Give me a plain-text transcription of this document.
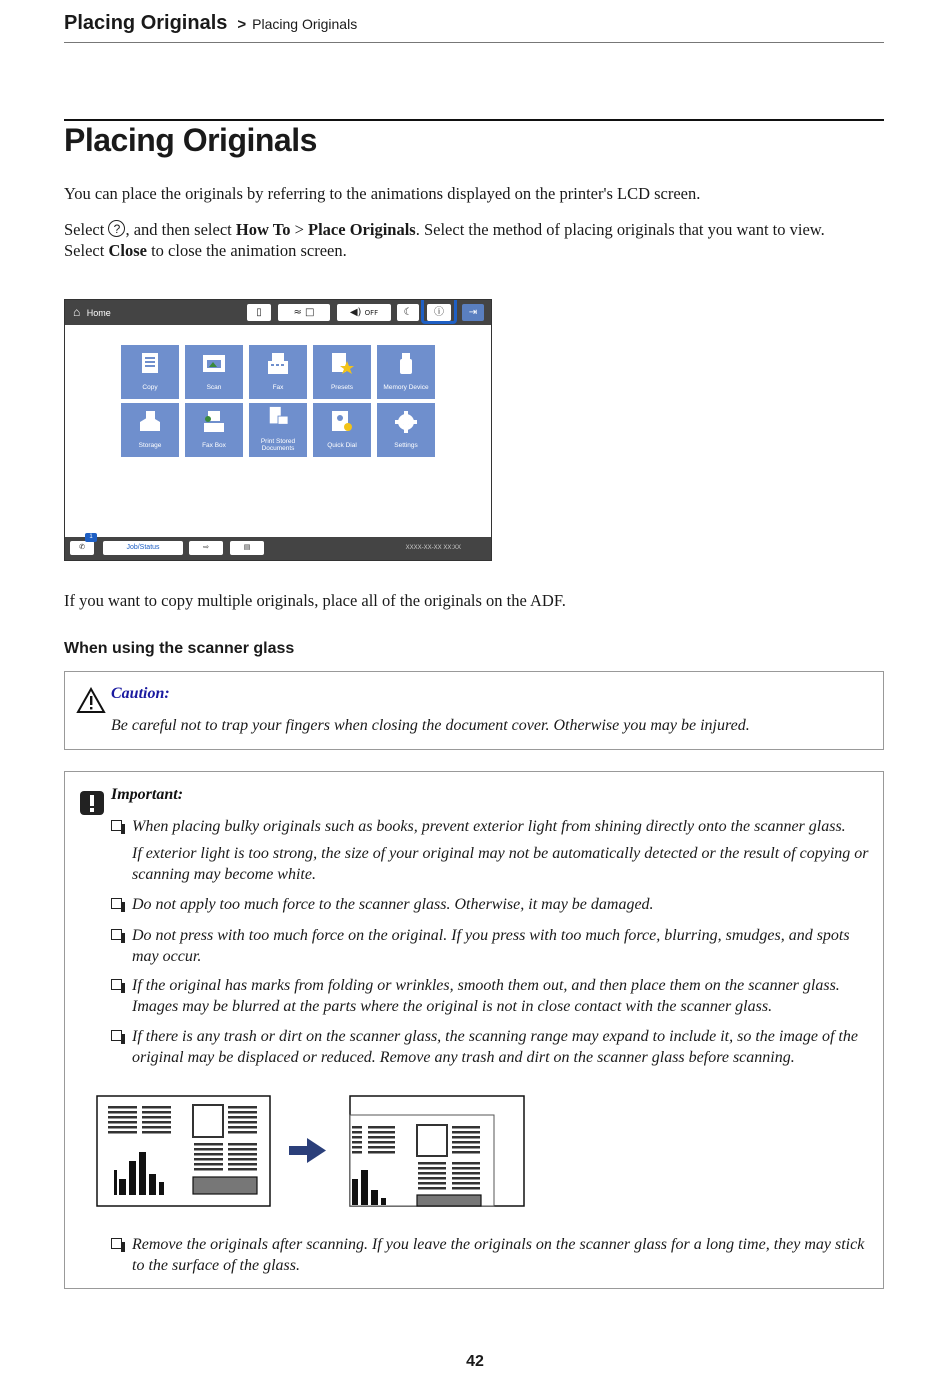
Placing Originals > Placing Originals
Placing Originals

You can place the originals by referring to the animations displayed on the printer's LCD screen.

Select ? , and then select How To > Place Originals. Select the method of placing originals that you want to view.
Select Close to close the animation screen.

⌂ Home	▯	≈ □	◀) OFF	☾	ⓘ	⇥
Copy	Scan	Fax	Presets	Memory Device
Storage	Fax Box
Print Stored Documents	Quick Dial	Settings
✆
1
Job/Status	⇨	▤	XXXX-XX-XX XX:XX

If you want to copy multiple originals, place all of the originals on the ADF.

When using the scanner glass
Caution:
Be careful not to trap your fingers when closing the document cover. Otherwise you may be injured.
Important:
When placing bulky originals such as books, prevent exterior light from shining directly onto the scanner glass.
If exterior light is too strong, the size of your original may not be automatically detected or the result of copying or scanning may become white.
Do not apply too much force to the scanner glass. Otherwise, it may be damaged.
Do not press with too much force on the original. If you press with too much force, blurring, smudges, and spots may occur.
If the original has marks from folding or wrinkles, smooth them out, and then place them on the scanner glass. Images may be blurred at the parts where the original is not in close contact with the scanner glass.
If there is any trash or dirt on the scanner glass, the scanning range may expand to include it, so the image of the original may be displaced or reduced. Remove any trash and dirt on the scanner glass before scanning.
Remove the originals after scanning. If you leave the originals on the scanner glass for a long time, they may stick to the surface of the glass.
42
